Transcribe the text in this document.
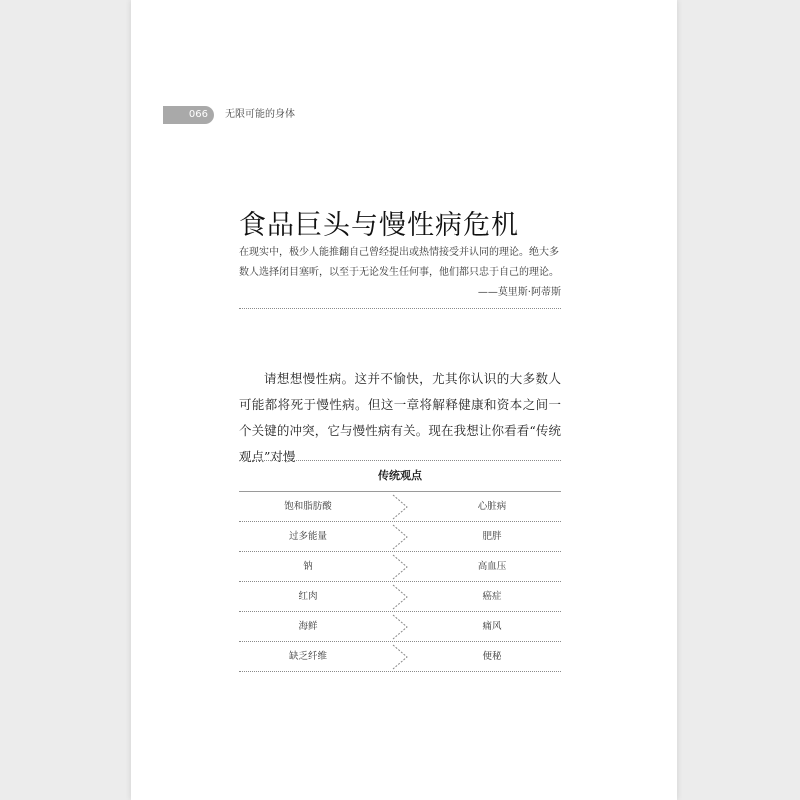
066	无限可能的身体
食品巨头与慢性病危机

在现实中，极少人能推翻自己曾经提出或热情接受并认同的理论。绝大多数人选择闭目塞听，以至于无论发生任何事，他们都只忠于自己的理论。

——莫里斯·阿蒂斯

请想想慢性病。这并不愉快，尤其你认识的大多数人可能都将死于慢性病。但这一章将解释健康和资本之间一个关键的冲突，它与慢性病有关。现在我想让你看看“传统观点”对慢

传统观点
饱和脂肪酸	心脏病
过多能量	肥胖
钠	高血压
红肉	癌症
海鲜	痛风
缺乏纤维	便秘
